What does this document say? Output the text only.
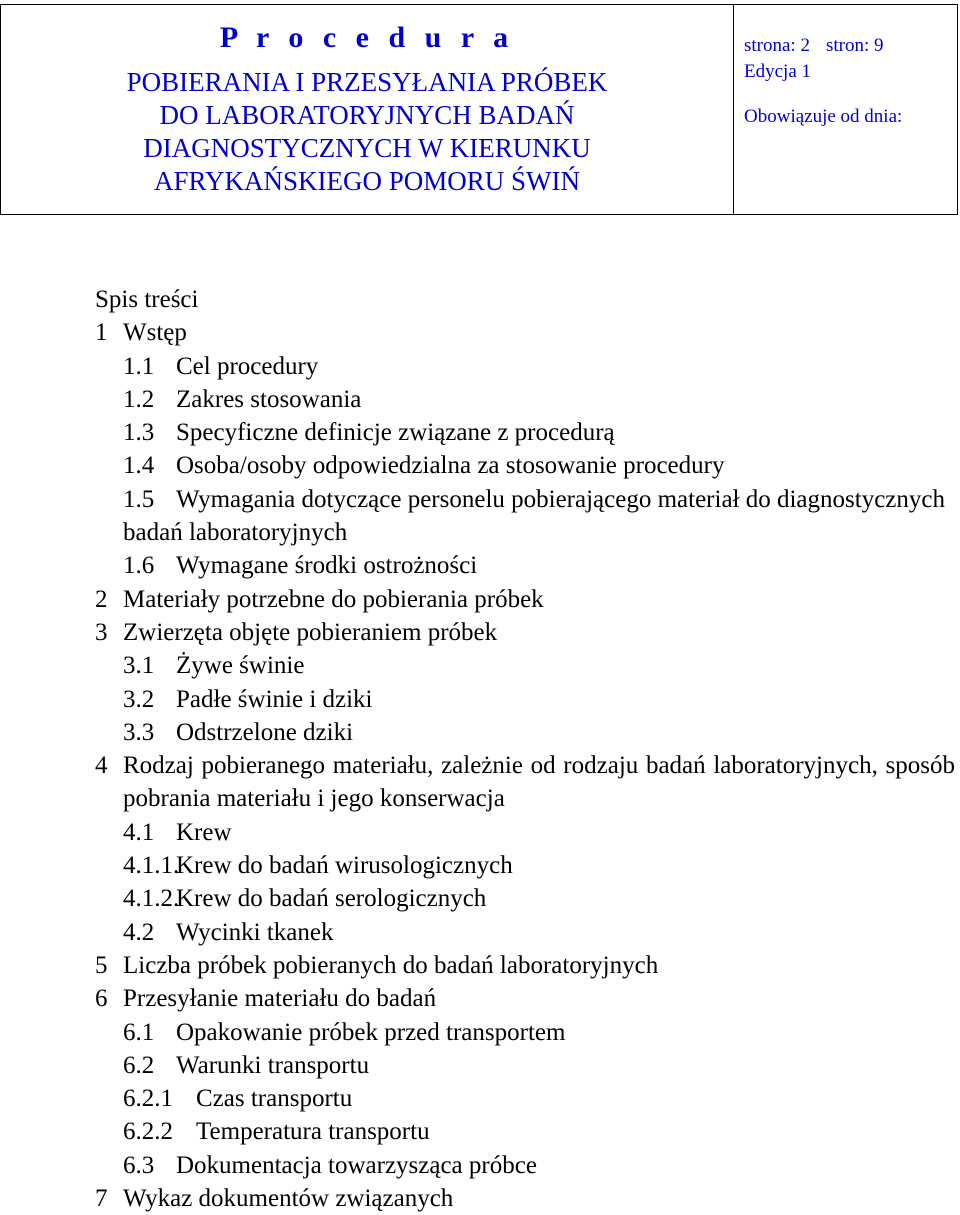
P r o c e d u r a
POBIERANIA I PRZESYŁANIA PRÓBEK
DO LABORATORYJNYCH BADAŃ
DIAGNOSTYCZNYCH W KIERUNKU
AFRYKAŃSKIEGO POMORU ŚWIŃ
strona: 2 stron: 9
Edycja 1
Obowiązuje od dnia:
Spis treści
1 Wstęp
1.1 Cel procedury
1.2 Zakres stosowania
1.3 Specyficzne definicje związane z procedurą
1.4 Osoba/osoby odpowiedzialna za stosowanie procedury
1.5 Wymagania dotyczące personelu pobierającego materiał do diagnostycznych badań laboratoryjnych
1.6 Wymagane środki ostrożności
2 Materiały potrzebne do pobierania próbek
3 Zwierzęta objęte pobieraniem próbek
3.1 Żywe świnie
3.2 Padłe świnie i dziki
3.3 Odstrzelone dziki
4 Rodzaj pobieranego materiału, zależnie od rodzaju badań laboratoryjnych, sposób pobrania materiału i jego konserwacja
4.1 Krew
4.1.1.
Krew do badań wirusologicznych
4.1.2.
Krew do badań serologicznych
4.2 Wycinki tkanek
5 Liczba próbek pobieranych do badań laboratoryjnych
6 Przesyłanie materiału do badań
6.1 Opakowanie próbek przed transportem
6.2 Warunki transportu
6.2.1 Czas transportu
6.2.2 Temperatura transportu
6.3 Dokumentacja towarzysząca próbce
7 Wykaz dokumentów związanych
